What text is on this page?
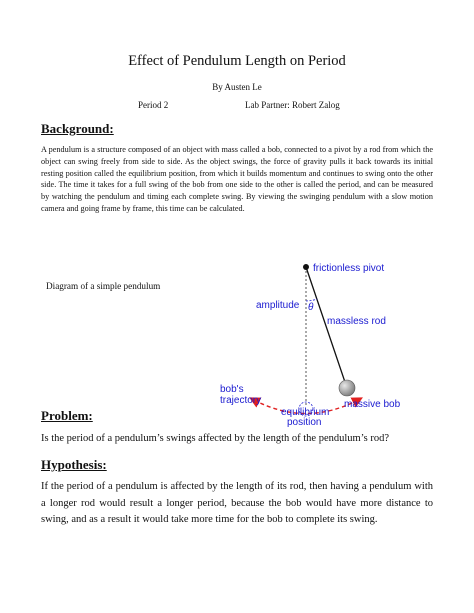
Effect of Pendulum Length on Period
By Austen Le
Period 2	Lab Partner: Robert Zalog
Background:
A pendulum is a structure composed of an object with mass called a bob, connected to a pivot by a rod from which the object can swing freely from side to side. As the object swings, the force of gravity pulls it back towards its initial resting position called the equilibrium position, from which it builds momentum and continues to swing onto the other side. The time it takes for a full swing of the bob from one side to the other is called the period, and can be measured by watching the pendulum and timing each complete swing. By viewing the swinging pendulum with a slow motion camera and going frame by frame, this time can be calculated.
Diagram of a simple pendulum
frictionless pivot
amplitude θ
massless rod
bob's
trajectory
equilibrium
position
massive bob
Problem:
Is the period of a pendulum’s swings affected by the length of the pendulum’s rod?
Hypothesis:
If the period of a pendulum is affected by the length of its rod, then having a pendulum with a longer rod would result a longer period, because the bob would have more distance to swing, and as a result it would take more time for the bob to complete its swing.
